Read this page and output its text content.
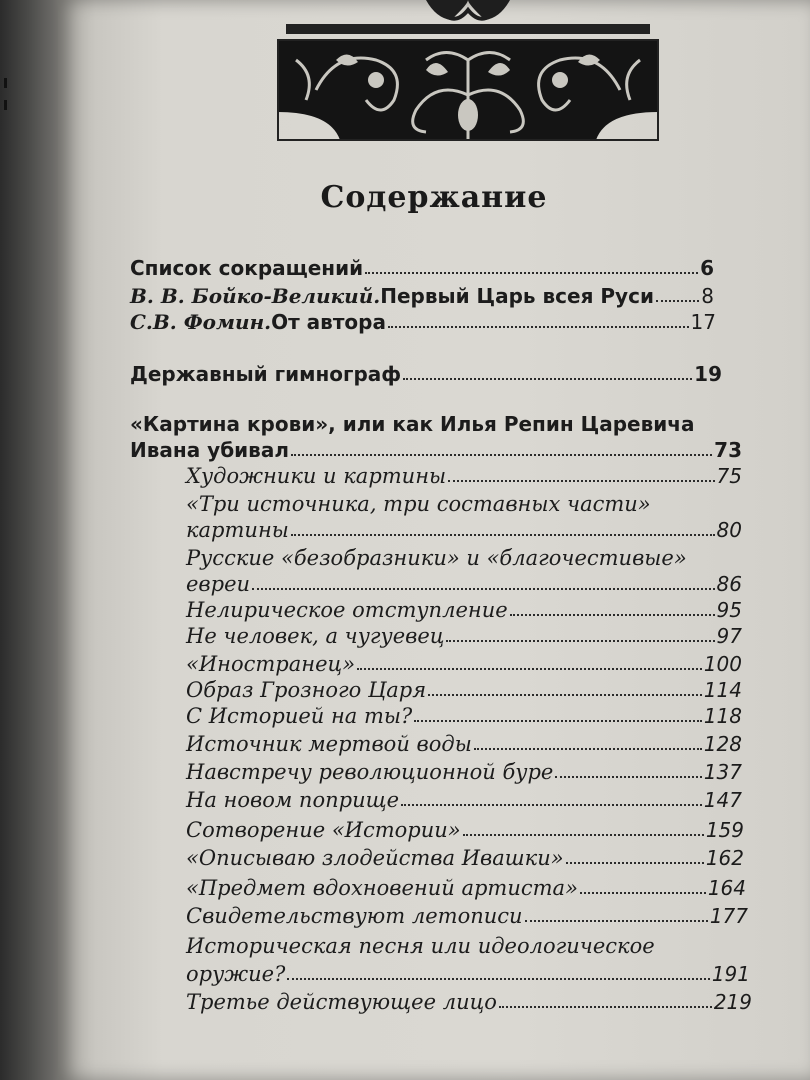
Содержание
Список сокращений	6
В. В. Бойко-Великий. Первый Царь всея Руси 8
С.В. Фомин. От автора	17
Державный гимнограф	19
«Картина крови», или как Илья Репин Царевича
Ивана убивал	73
Художники и картины	75
«Три источника, три составных части»
картины	80
Русские «безобразники» и «благочестивые»
евреи	86
Нелирическое отступление	95
Не человек, а чугуевец	97
«Иностранец»	100
Образ Грозного Царя	114
С Историей на ты?	118
Источник мертвой воды	128
Навстречу революционной буре	137
На новом поприще	147
Сотворение «Истории»	159
«Описываю злодейства Ивашки»	162
«Предмет вдохновений артиста»	164
Свидетельствуют летописи	177
Историческая песня или идеологическое
оружие?	191
Третье действующее лицо	219
